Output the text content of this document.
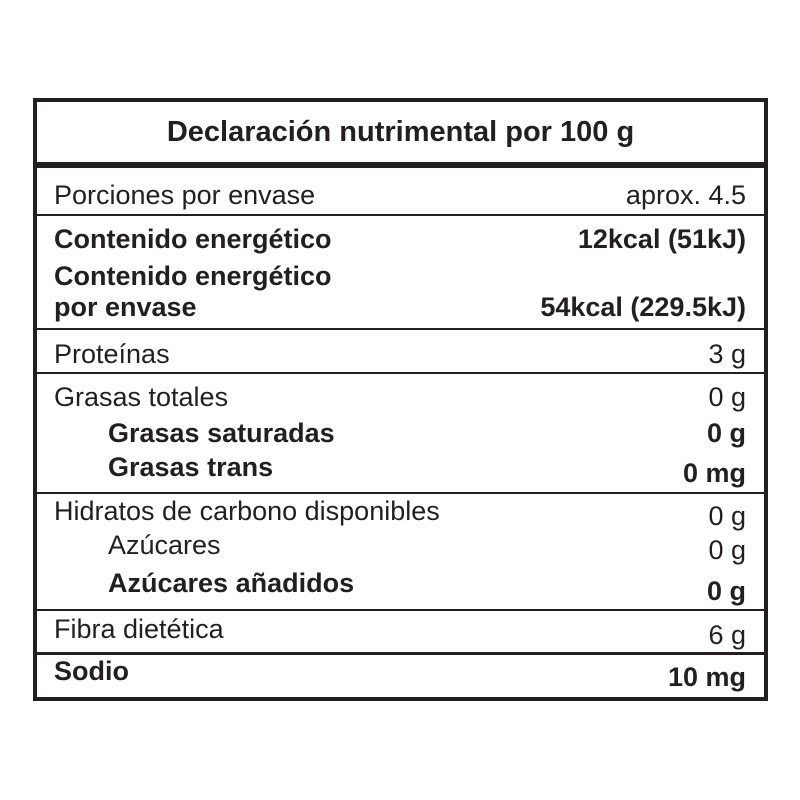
Declaración nutrimental por 100 g
Porciones por envase	aprox. 4.5
Contenido energético	12kcal (51kJ)
Contenido energético
por envase	54kcal (229.5kJ)
Proteínas	3 g
Grasas totales	0 g
Grasas saturadas	0 g
Grasas trans	0 mg
Hidratos de carbono disponibles	0 g
Azúcares	0 g
Azúcares añadidos	0 g
Fibra dietética	6 g
Sodio	10 mg
